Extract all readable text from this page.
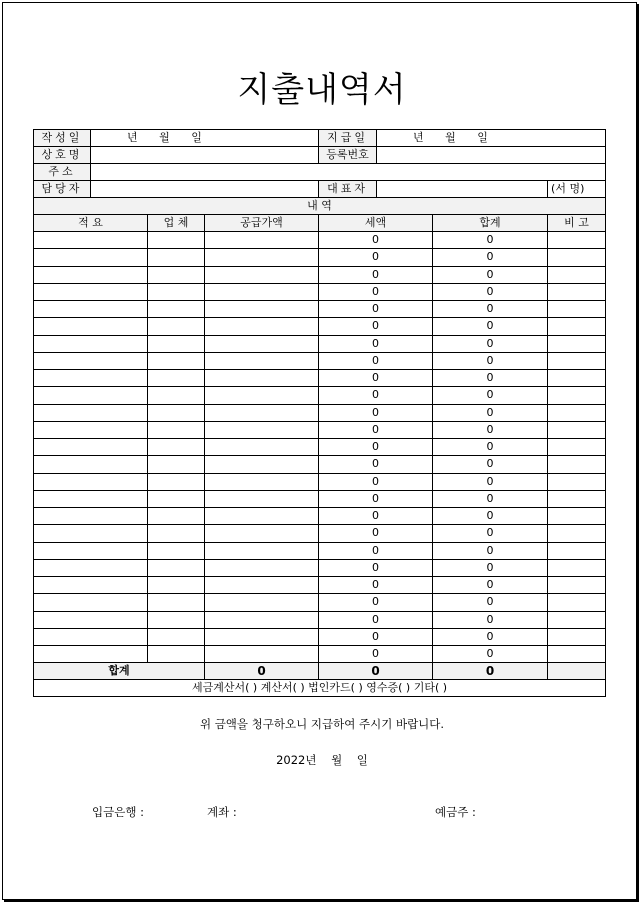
지출내역서
작성일	년 월 일			지급일	년 월 일		
상호명				등록번호			
주소							
담당자				대표자			(서 명)
내 역							
적 요		업 체	공급가액	세액		합계	비 고
				0		0	
				0		0	
				0		0	
				0		0	
				0		0	
				0		0	
				0		0	
				0		0	
				0		0	
				0		0	
				0		0	
				0		0	
				0		0	
				0		0	
				0		0	
				0		0	
				0		0	
				0		0	
				0		0	
				0		0	
				0		0	
				0		0	
				0		0	
				0		0	
				0		0	
합계			0	0		0	
세금계산서( ) 계산서( ) 법인카드( ) 영수증( ) 기타( )							
위 금액을 청구하오니 지급하여 주시기 바랍니다.
2022년    월    일
입금은행 :	계좌 :	예금주 :
